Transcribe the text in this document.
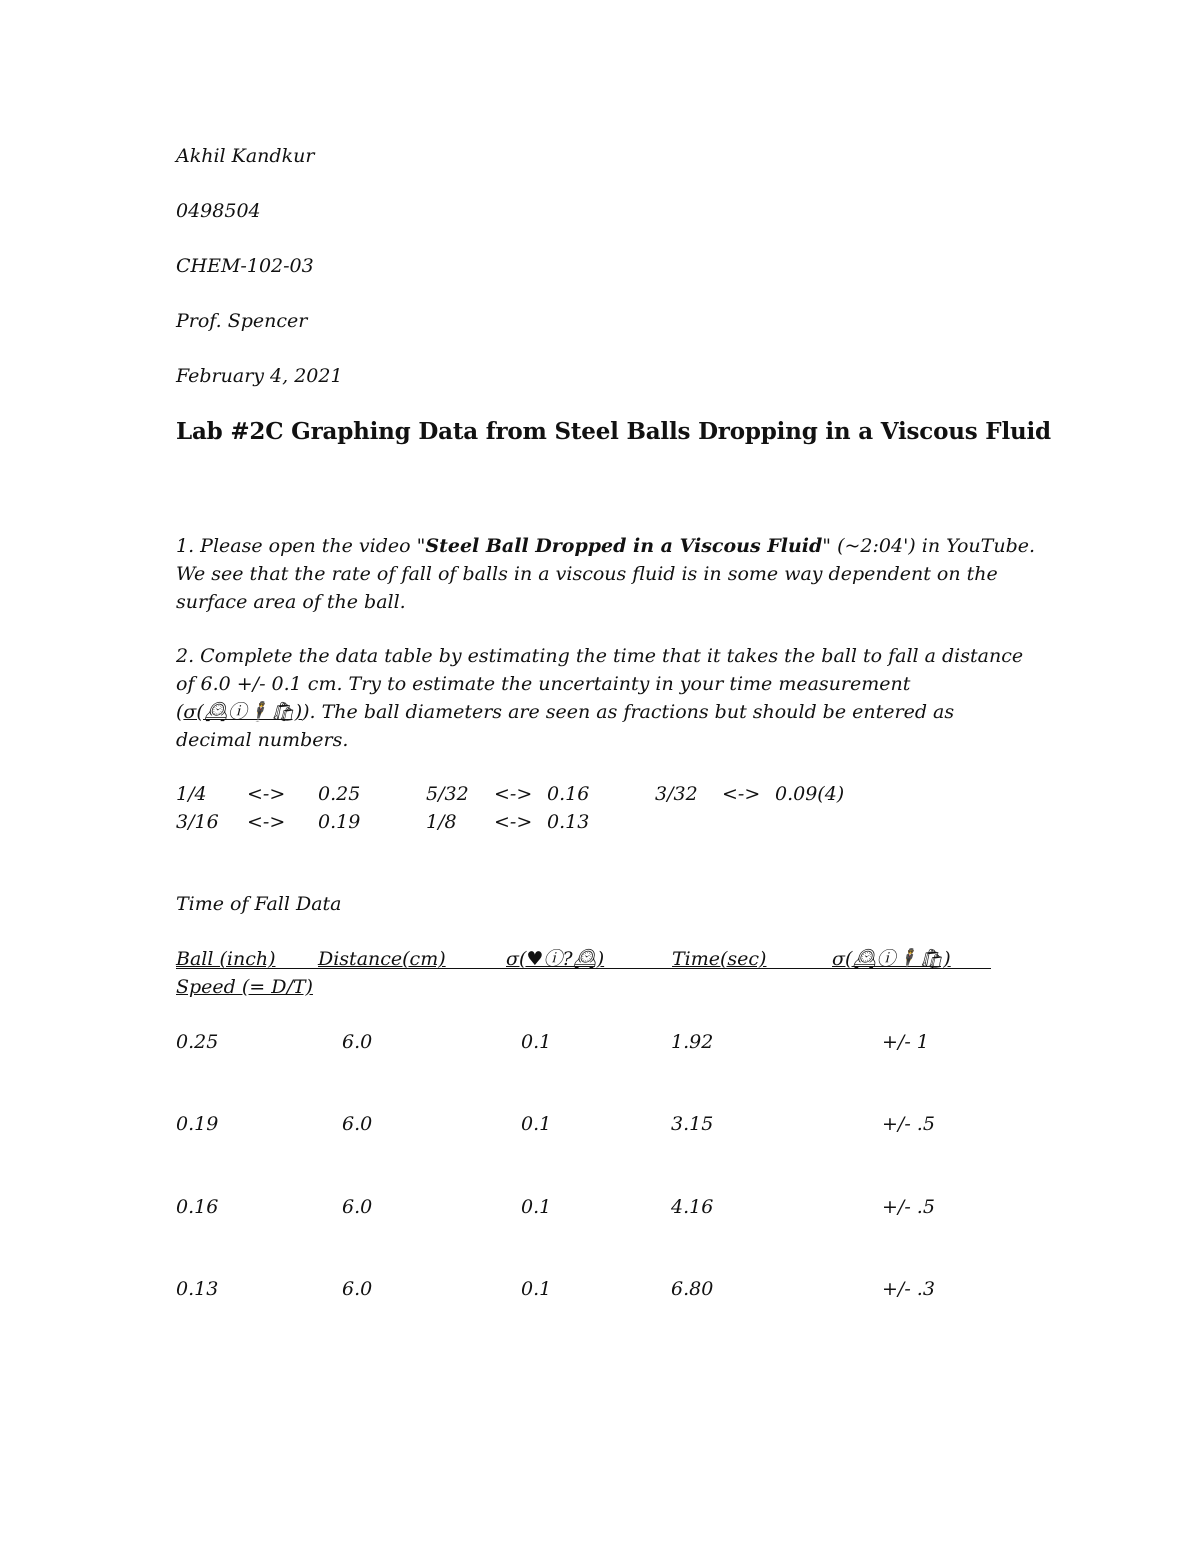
Akhil Kandkur
0498504
CHEM-102-03
Prof. Spencer
February 4, 2021
Lab #2C Graphing Data from Steel Balls Dropping in a Viscous Fluid
1. Please open the video "Steel Ball Dropped in a Viscous Fluid" (~2:04') in YouTube.
We see that the rate of fall of balls in a viscous fluid is in some way dependent on the
surface area of the ball.
2. Complete the data table by estimating the time that it takes the ball to fall a distance
of 6.0 +/- 0.1 cm. Try to estimate the uncertainty in your time measurement
(σ(🕰ⓘ🕴🛍)). The ball diameters are seen as fractions but should be entered as
decimal numbers.
1/4 <-> 0.25	5/32 <-> 0.16	3/32 <-> 0.09(4)
3/16 <-> 0.19	1/8 <-> 0.13
Time of Fall Data
Ball (inch) Distance(cm)	σ(♥ⓘ?🕰)	Time(sec)	σ(🕰ⓘ🕴🛍)
Speed (= D/T)
0.25	6.0	0.1	1.92	+/- 1
0.19	6.0	0.1	3.15	+/- .5
0.16	6.0	0.1	4.16	+/- .5
0.13	6.0	0.1	6.80	+/- .3
